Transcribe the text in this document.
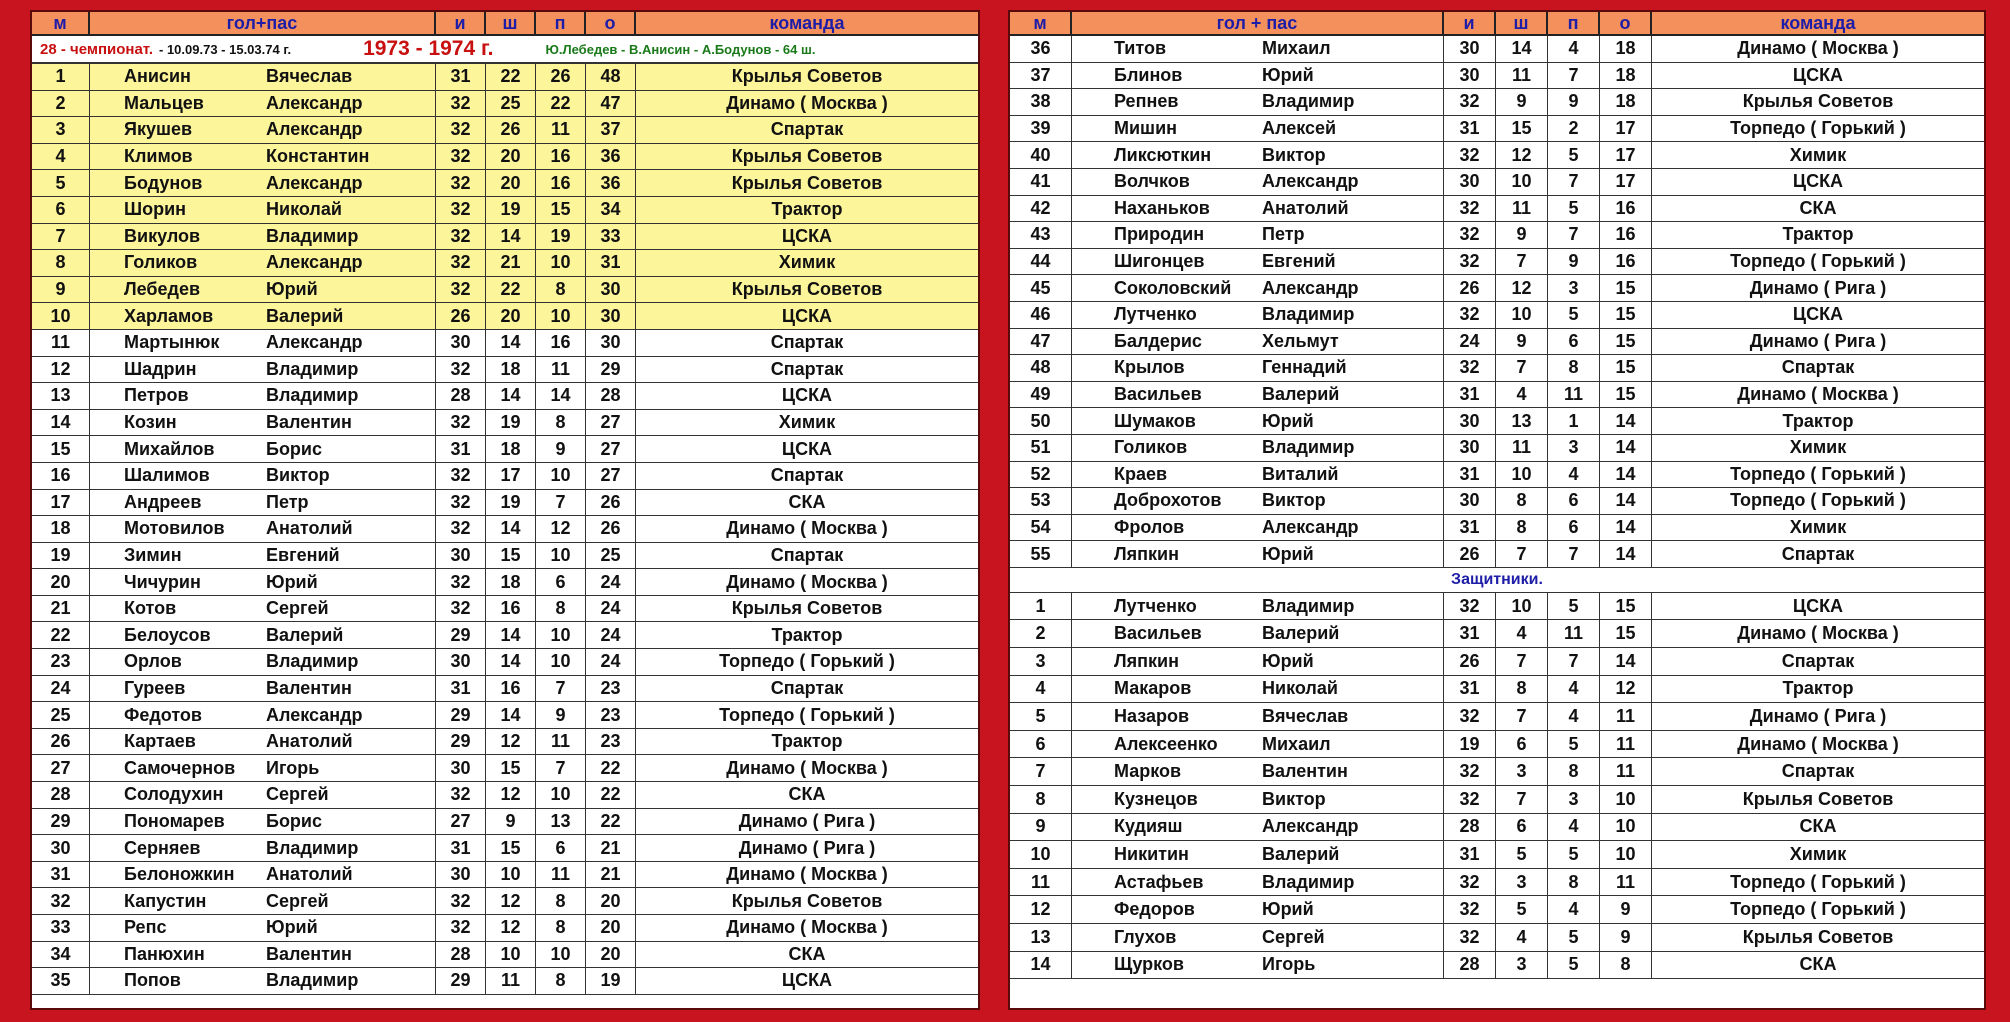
м	гол+пас	и	ш	п	о	команда
28 - чемпионат. - 10.09.73 - 15.03.74 г.	1973 - 1974 г.	Ю.Лебедев - В.Анисин - А.Бодунов - 64 ш.
1	Анисин	Вячеслав	31	22	26	48	Крылья Советов
2	Мальцев	Александр	32	25	22	47	Динамо ( Москва )
3	Якушев	Александр	32	26	11	37	Спартак
4	Климов	Константин	32	20	16	36	Крылья Советов
5	Бодунов	Александр	32	20	16	36	Крылья Советов
6	Шорин	Николай	32	19	15	34	Трактор
7	Викулов	Владимир	32	14	19	33	ЦСКА
8	Голиков	Александр	32	21	10	31	Химик
9	Лебедев	Юрий	32	22	8	30	Крылья Советов
10	Харламов	Валерий	26	20	10	30	ЦСКА
11	Мартынюк	Александр	30	14	16	30	Спартак
12	Шадрин	Владимир	32	18	11	29	Спартак
13	Петров	Владимир	28	14	14	28	ЦСКА
14	Козин	Валентин	32	19	8	27	Химик
15	Михайлов	Борис	31	18	9	27	ЦСКА
16	Шалимов	Виктор	32	17	10	27	Спартак
17	Андреев	Петр	32	19	7	26	СКА
18	Мотовилов Анатолий	32	14	12	26	Динамо ( Москва )
19	Зимин	Евгений	30	15	10	25	Спартак
20	Чичурин	Юрий	32	18	6	24	Динамо ( Москва )
21	Котов	Сергей	32	16	8	24	Крылья Советов
22	Белоусов	Валерий	29	14	10	24	Трактор
23	Орлов	Владимир	30	14	10	24	Торпедо ( Горький )
24	Гуреев	Валентин	31	16	7	23	Спартак
25	Федотов	Александр	29	14	9	23	Торпедо ( Горький )
26	Картаев	Анатолий	29	12	11	23	Трактор
27	Самочернов Игорь	30	15	7	22	Динамо ( Москва )
28	Солодухин Сергей	32	12	10	22	СКА
29	Пономарев Борис	27	9	13	22	Динамо ( Рига )
30	Серняев	Владимир	31	15	6	21	Динамо ( Рига )
31	Белоножкин Анатолий	30	10	11	21	Динамо ( Москва )
32	Капустин	Сергей	32	12	8	20	Крылья Советов
33	Репс	Юрий	32	12	8	20	Динамо ( Москва )
34	Панюхин	Валентин	28	10	10	20	СКА
35	Попов	Владимир	29	11	8	19	ЦСКА
м	гол + пас	и	ш	п	о	команда
36	Титов	Михаил	30	14	4	18	Динамо ( Москва )
37	Блинов	Юрий	30	11	7	18	ЦСКА
38	Репнев	Владимир	32	9	9	18	Крылья Советов
39	Мишин	Алексей	31	15	2	17	Торпедо ( Горький )
40	Ликсюткин	Виктор	32	12	5	17	Химик
41	Волчков	Александр	30	10	7	17	ЦСКА
42	Наханьков	Анатолий	32	11	5	16	СКА
43	Природин	Петр	32	9	7	16	Трактор
44	Шигонцев	Евгений	32	7	9	16	Торпедо ( Горький )
45	Соколовский Александр	26	12	3	15	Динамо ( Рига )
46	Лутченко	Владимир	32	10	5	15	ЦСКА
47	Балдерис	Хельмут	24	9	6	15	Динамо ( Рига )
48	Крылов	Геннадий	32	7	8	15	Спартак
49	Васильев	Валерий	31	4	11	15	Динамо ( Москва )
50	Шумаков	Юрий	30	13	1	14	Трактор
51	Голиков	Владимир	30	11	3	14	Химик
52	Краев	Виталий	31	10	4	14	Торпедо ( Горький )
53	Доброхотов Виктор	30	8	6	14	Торпедо ( Горький )
54	Фролов	Александр	31	8	6	14	Химик
55	Ляпкин	Юрий	26	7	7	14	Спартак
Защитники.
1	Лутченко	Владимир	32	10	5	15	ЦСКА
2	Васильев	Валерий	31	4	11	15	Динамо ( Москва )
3	Ляпкин	Юрий	26	7	7	14	Спартак
4	Макаров	Николай	31	8	4	12	Трактор
5	Назаров	Вячеслав	32	7	4	11	Динамо ( Рига )
6	Алексеенко Михаил	19	6	5	11	Динамо ( Москва )
7	Марков	Валентин	32	3	8	11	Спартак
8	Кузнецов	Виктор	32	7	3	10	Крылья Советов
9	Кудияш	Александр	28	6	4	10	СКА
10	Никитин	Валерий	31	5	5	10	Химик
11	Астафьев	Владимир	32	3	8	11	Торпедо ( Горький )
12	Федоров	Юрий	32	5	4	9	Торпедо ( Горький )
13	Глухов	Сергей	32	4	5	9	Крылья Советов
14	Щурков	Игорь	28	3	5	8	СКА
